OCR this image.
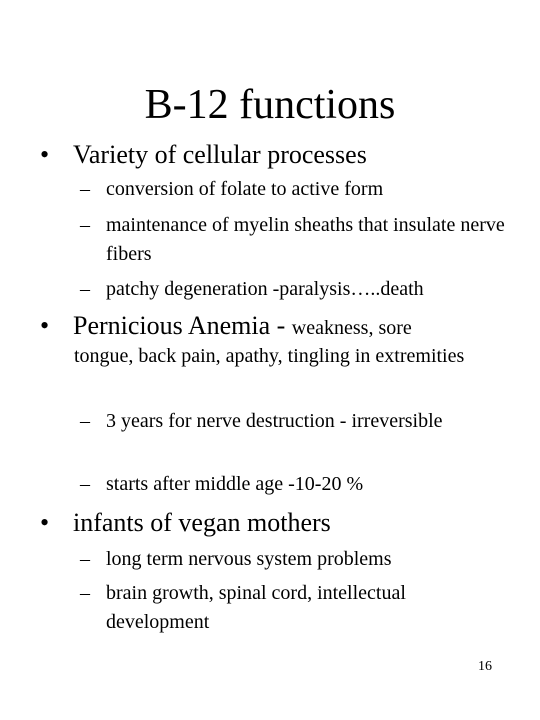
B-12 functions
• Variety of cellular processes
– conversion of folate to active form
– maintenance of myelin sheaths that insulate nerve fibers
– patchy degeneration -paralysis…..death
• Pernicious Anemia - weakness, sore
tongue, back pain, apathy, tingling in extremities
– 3 years for nerve destruction - irreversible
– starts after middle age -10-20 %
• infants of vegan mothers
– long term nervous system problems
– brain growth, spinal cord, intellectual development
16
